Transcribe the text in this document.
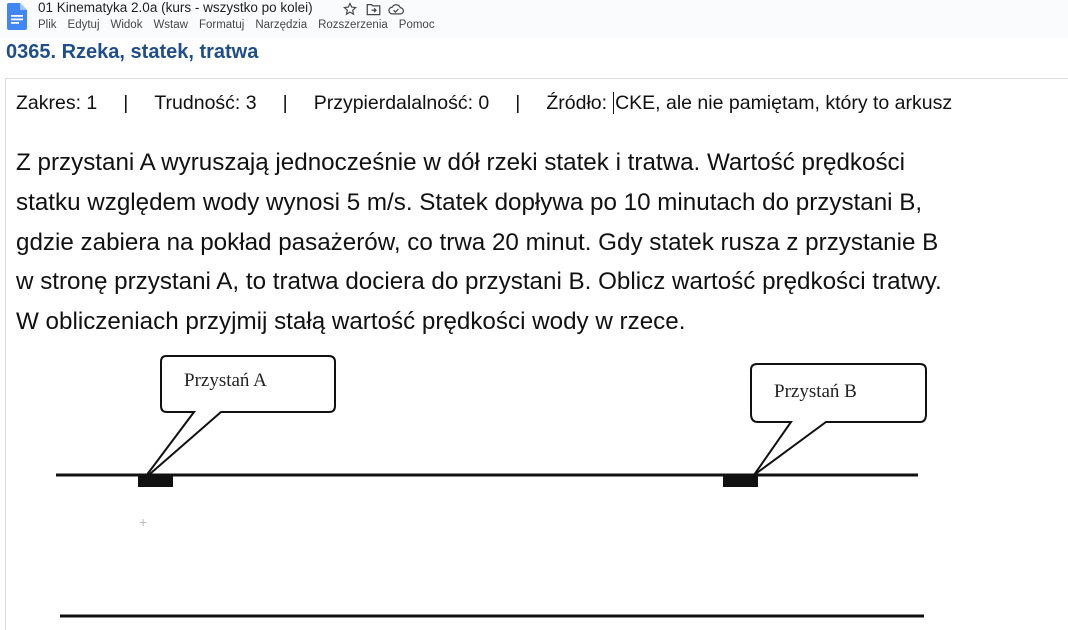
01 Kinematyka 2.0a (kurs - wszystko po kolei)
Plik Edytuj Widok Wstaw Formatuj Narzędzia Rozszerzenia Pomoc
0365. Rzeka, statek, tratwa
Zakres: 1 | Trudność: 3 | Przypierdalalność: 0 | Źródło: CKE, ale nie pamiętam, który to arkusz
Z przystani A wyruszają jednocześnie w dół rzeki statek i tratwa. Wartość prędkości
statku względem wody wynosi 5 m/s. Statek dopływa po 10 minutach do przystani B,
gdzie zabiera na pokład pasażerów, co trwa 20 minut. Gdy statek rusza z przystanie B
w stronę przystani A, to tratwa dociera do przystani B. Oblicz wartość prędkości tratwy.
W obliczeniach przyjmij stałą wartość prędkości wody w rzece.
Przystań A
Przystań B
+
